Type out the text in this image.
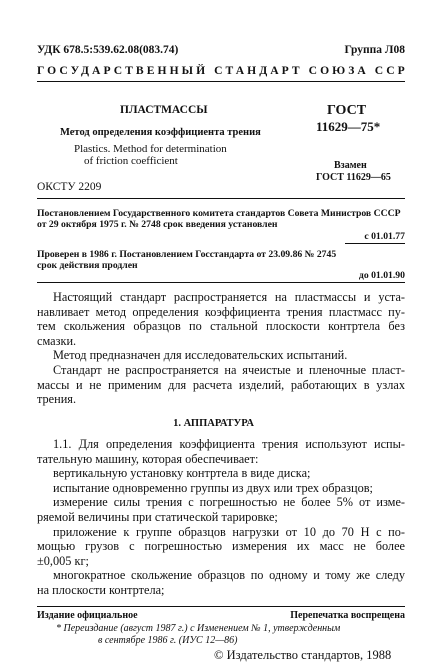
УДК 678.5:539.62.08(083.74)	Группа Л08
ГОСУДАРСТВЕННЫЙ СТАНДАРТ СОЮЗА ССР
ПЛАСТМАССЫ
Метод определения коэффициента трения
Plastics. Method for determination
of friction coefficient
ГОСТ
11629—75*
Взамен
ГОСТ 11629—65
ОКСТУ 2209
Постановлением Государственного комитета стандартов Совета Министров СССР
от 29 октября 1975 г. № 2748 срок введения установлен
с 01.01.77
Проверен в 1986 г. Постановлением Госстандарта от 23.09.86 № 2745
срок действия продлен
до 01.01.90
Настоящий стандарт распространяется на пластмассы и уста-
навливает метод определения коэффициента трения пластмасс пу-
тем скольжения образцов по стальной плоскости контртела без
смазки.
Метод предназначен для исследовательских испытаний.
Стандарт не распространяется на ячеистые и пленочные пласт-
массы и не применим для расчета изделий, работающих в узлах
трения.
1. АППАРАТУРА
1.1. Для определения коэффициента трения используют испы-
тательную машину, которая обеспечивает:
вертикальную установку контртела в виде диска;
испытание одновременно группы из двух или трех образцов;
измерение силы трения с погрешностью не более 5% от изме-
ряемой величины при статической тарировке;
приложение к группе образцов нагрузки от 10 до 70 Н с по-
мощью грузов с погрешностью измерения их масс не более
±0,005 кг;
многократное скольжение образцов по одному и тому же следу
на плоскости контртела;
Издание официальное	Перепечатка воспрещена
* Переиздание (август 1987 г.) с Изменением № 1, утвержденным
в сентябре 1986 г. (ИУС 12—86)
© Издательство стандартов, 1988
